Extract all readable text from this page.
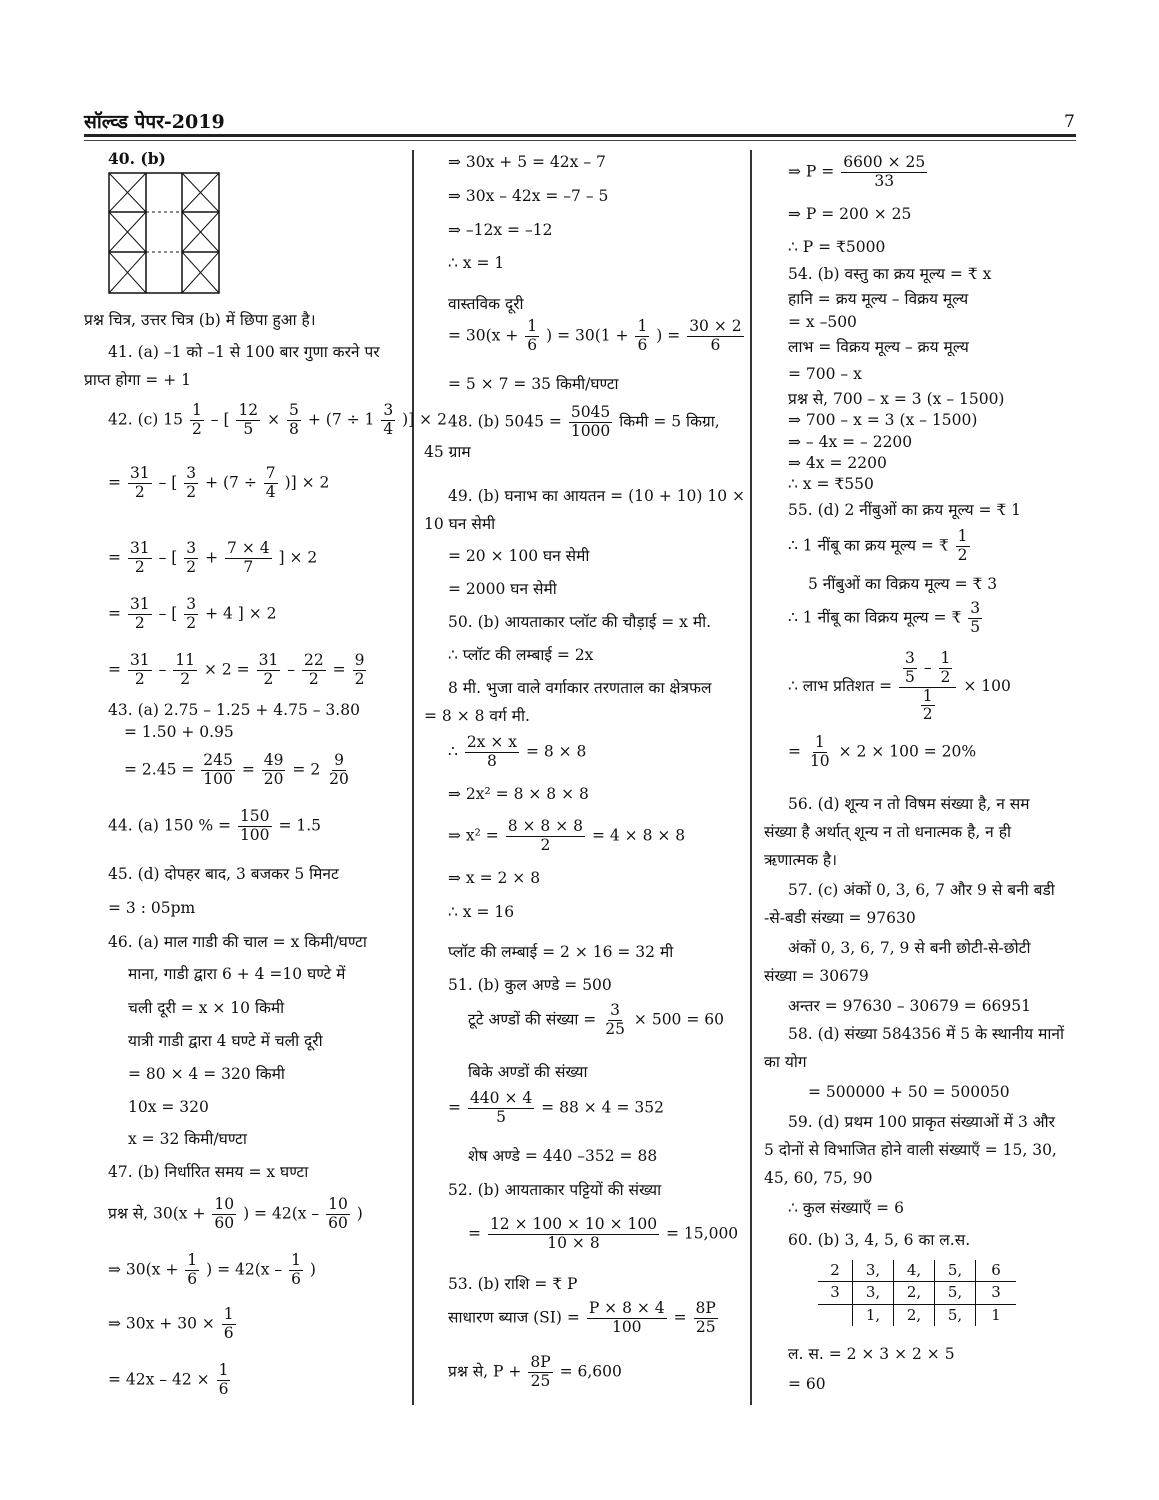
सॉल्व्ड पेपर-2019	7
40. (b)
प्रश्न चित्र, उत्तर चित्र (b) में छिपा हुआ है।
41. (a) –1 को –1 से 100 बार गुणा करने पर
प्राप्त होगा = + 1
42. (c) $15 \frac{1}{2}$ – [ $\frac{12}{5} \times \frac{5}{8} + (7 \div 1 \frac{3}{4}$ )] × 2
= $\frac{31}{2}$ – [ $\frac{3}{2} + (7 \div \frac{7}{4}$ )] × 2
= $\frac{31}{2}$ – [ $\frac{3}{2} + \frac{7 \times 4}{7}$ ] × 2
= $\frac{31}{2}$ – [ $\frac{3}{2} + 4$ ] × 2
= $\frac{31}{2} - \frac{11}{2} \times 2 = \frac{31}{2} - \frac{22}{2} = \frac{9}{2}$
43. (a) 2.75 – 1.25 + 4.75 – 3.80
= 1.50 + 0.95
= $2.45 = \frac{245}{100} = \frac{49}{20} = 2 \frac{9}{20}$
44. (a) 150 % = $\frac{150}{100} = 1.5$
45. (d) दोपहर बाद, 3 बजकर 5 मिनट
= 3 : 05pm
46. (a) माल गाडी की चाल = x किमी/घण्टा
माना, गाडी द्वारा 6 + 4 =10 घण्टे में
चली दूरी = x × 10 किमी
यात्री गाडी द्वारा 4 घण्टे में चली दूरी
= 80 × 4 = 320 किमी
10x = 320
x = 32 किमी/घण्टा
47. (b) निर्धारित समय = x घण्टा
प्रश्न से, $30(x + \frac{10}{60}$ ) = $42(x - \frac{10}{60}$ )
⇒ $30(x + \frac{1}{6}$ ) = $42(x - \frac{1}{6}$ )
⇒ $30x + 30 \times \frac{1}{6}$
= $42x - 42 \times \frac{1}{6}$
⇒ 30x + 5 = 42x – 7
⇒ 30x – 42x = –7 – 5
⇒ –12x = –12
∴ x = 1
वास्तविक दूरी
= $30(x + \frac{1}{6}$ ) = $30(1 + \frac{1}{6}$ ) = $\frac{30 \times 2}{6}$
= 5 × 7 = 35 किमी/घण्टा
48. (b) $5045 = \frac{5045}{1000}$ किमी = 5 किग्रा,
45 ग्राम
49. (b) घनाभ का आयतन = (10 + 10) 10 ×
10 घन सेमी
= 20 × 100 घन सेमी
= 2000 घन सेमी
50. (b) आयताकार प्लॉट की चौड़ाई = x मी.
∴ प्लॉट की लम्बाई = 2x
8 मी. भुजा वाले वर्गाकार तरणताल का क्षेत्रफल
= 8 × 8 वर्ग मी.
∴ $\frac{2x \times x}{8} = 8 \times 8$
⇒ 2x² = 8 × 8 × 8
⇒ $x^2 = \frac{8 \times 8 \times 8}{2} = 4 \times 8 \times 8$
⇒ x = 2 × 8
∴ x = 16
प्लॉट की लम्बाई = 2 × 16 = 32 मी
51. (b) कुल अण्डे = 500
टूटे अण्डों की संख्या = $\frac{3}{25} \times 500 = 60$
बिके अण्डों की संख्या
= $\frac{440 \times 4}{5} = 88 \times 4 = 352$
शेष अण्डे = 440 –352 = 88
52. (b) आयताकार पट्टियों की संख्या
= $\frac{12 \times 100 \times 10 \times 100}{10 \times 8} = 15,000$
53. (b) राशि = ₹ P
साधारण ब्याज $(SI) = \frac{P \times 8 \times 4}{100} = \frac{8P}{25}$
प्रश्न से, $P + \frac{8P}{25} = 6,600$
⇒ $P = \frac{6600 \times 25}{33}$
⇒ P = 200 × 25
∴ P = ₹5000
54. (b) वस्तु का क्रय मूल्य = ₹ x
हानि = क्रय मूल्य – विक्रय मूल्य
= x –500
लाभ = विक्रय मूल्य – क्रय मूल्य
= 700 – x
प्रश्न से, 700 – x = 3 (x – 1500)
⇒ 700 – x = 3 (x – 1500)
⇒ – 4x = – 2200
⇒ 4x = 2200
∴ x = ₹550
55. (d) 2 नींबुओं का क्रय मूल्य = ₹ 1
∴ 1 नींबू का क्रय मूल्य = ₹ $\frac{1}{2}$
5 नींबुओं का विक्रय मूल्य = ₹ 3
∴ 1 नींबू का विक्रय मूल्य = ₹ $\frac{3}{5}$
∴ लाभ प्रतिशत = $\frac{\frac{3}{5} - \frac{1}{2}}{\frac{1}{2}} \times 100$
= $\frac{1}{10} \times 2 \times 100 = 20\%$
56. (d) शून्य न तो विषम संख्या है, न सम
संख्या है अर्थात् शून्य न तो धनात्मक है, न ही
ऋणात्मक है।
57. (c) अंकों 0, 3, 6, 7 और 9 से बनी बडी
-से-बडी संख्या = 97630
अंकों 0, 3, 6, 7, 9 से बनी छोटी-से-छोटी
संख्या = 30679
अन्तर = 97630 – 30679 = 66951
58. (d) संख्या 584356 में 5 के स्थानीय मानों
का योग
= 500000 + 50 = 500050
59. (d) प्रथम 100 प्राकृत संख्याओं में 3 और
5 दोनों से विभाजित होने वाली संख्याएँ = 15, 30,
45, 60, 75, 90
∴ कुल संख्याएँ = 6
60. (b) 3, 4, 5, 6 का ल.स.
2	3,	4,	5,	6
3	3,	2,	5,	3
	1,	2,	5,	1
ल. स. = 2 × 3 × 2 × 5
= 60
